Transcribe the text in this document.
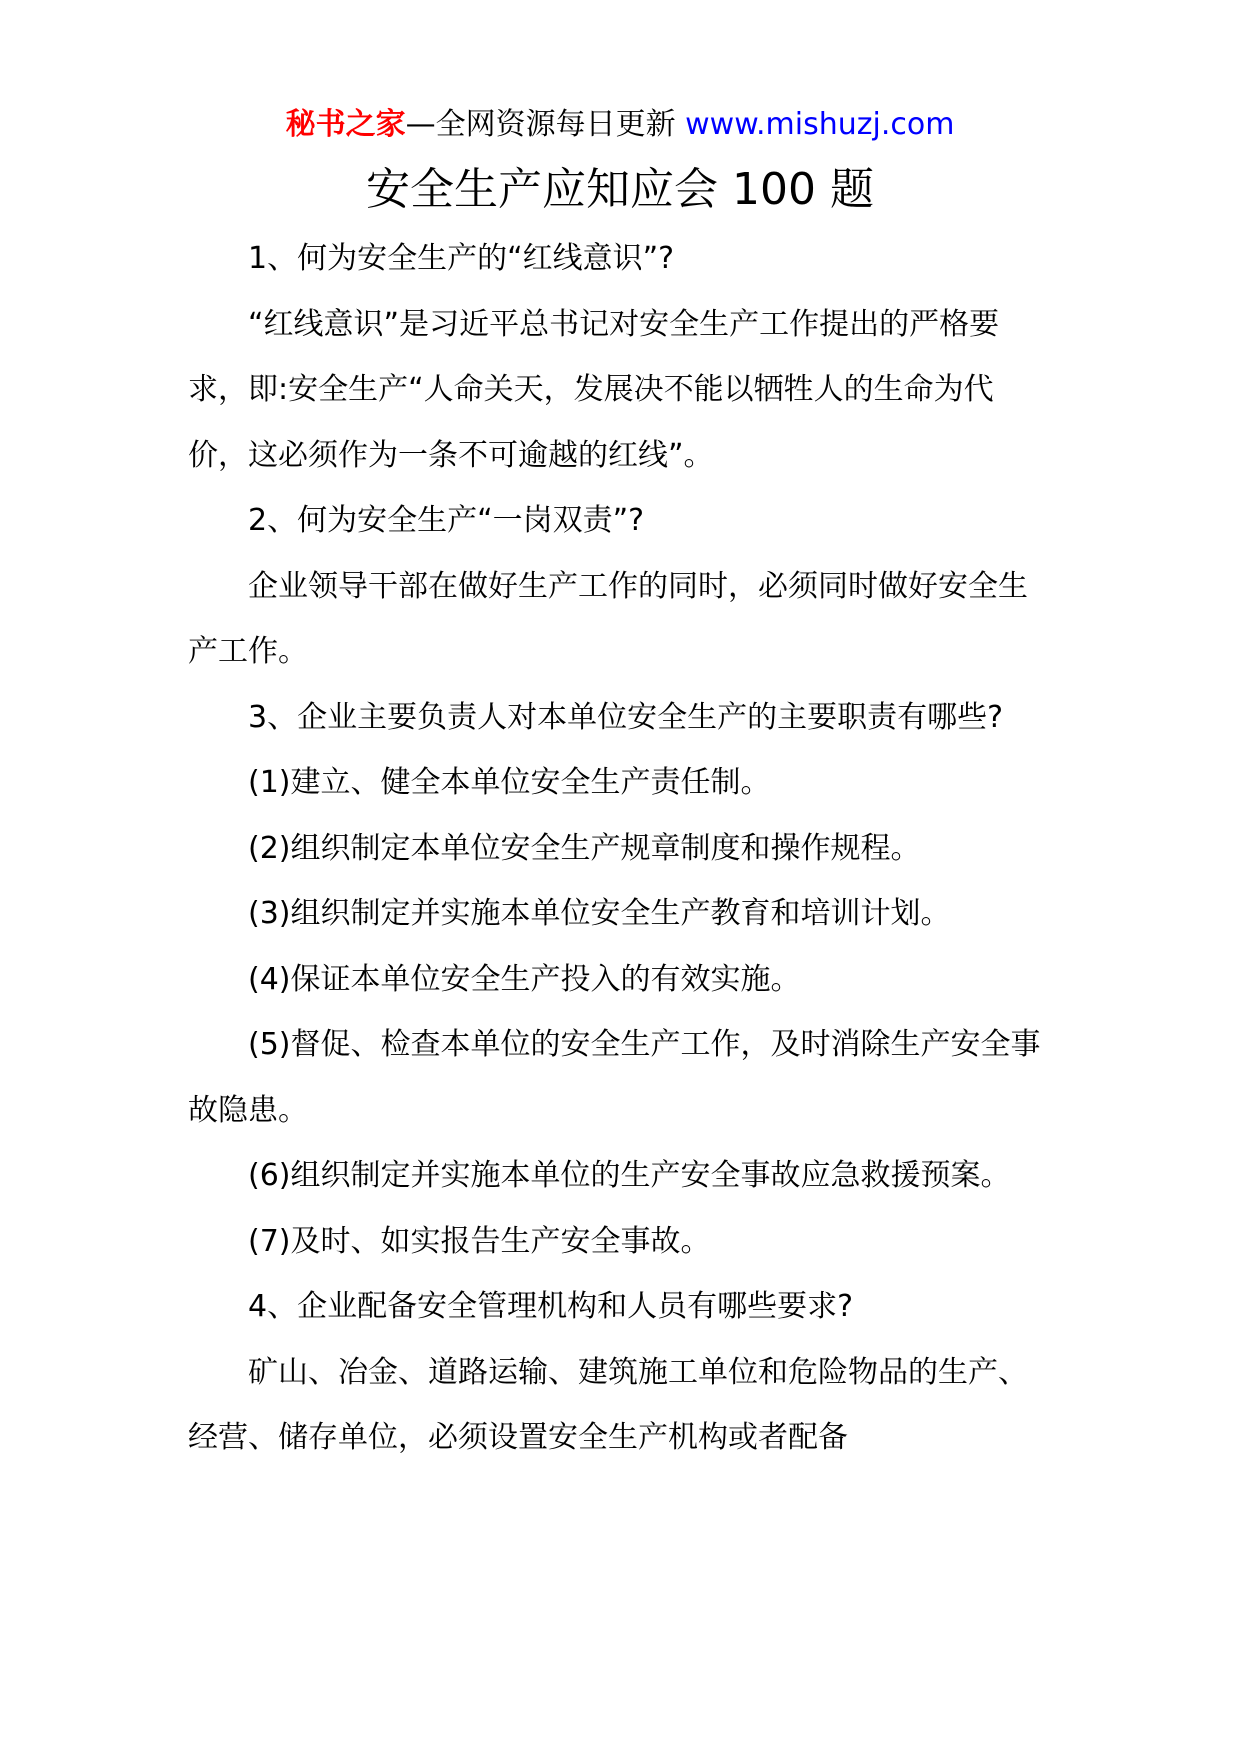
秘书之家—全网资源每日更新 www.mishuzj.com
安全生产应知应会 100 题

1、何为安全生产的“红线意识”?

“红线意识”是习近平总书记对安全生产工作提出的严格要求，即:安全生产“人命关天，发展决不能以牺牲人的生命为代价，这必须作为一条不可逾越的红线”。

2、何为安全生产“一岗双责”?

企业领导干部在做好生产工作的同时，必须同时做好安全生产工作。

3、企业主要负责人对本单位安全生产的主要职责有哪些?

(1)建立、健全本单位安全生产责任制。

(2)组织制定本单位安全生产规章制度和操作规程。

(3)组织制定并实施本单位安全生产教育和培训计划。

(4)保证本单位安全生产投入的有效实施。

(5)督促、检查本单位的安全生产工作，及时消除生产安全事故隐患。

(6)组织制定并实施本单位的生产安全事故应急救援预案。

(7)及时、如实报告生产安全事故。

4、企业配备安全管理机构和人员有哪些要求?

矿山、冶金、道路运输、建筑施工单位和危险物品的生产、经营、储存单位，必须设置安全生产机构或者配备
